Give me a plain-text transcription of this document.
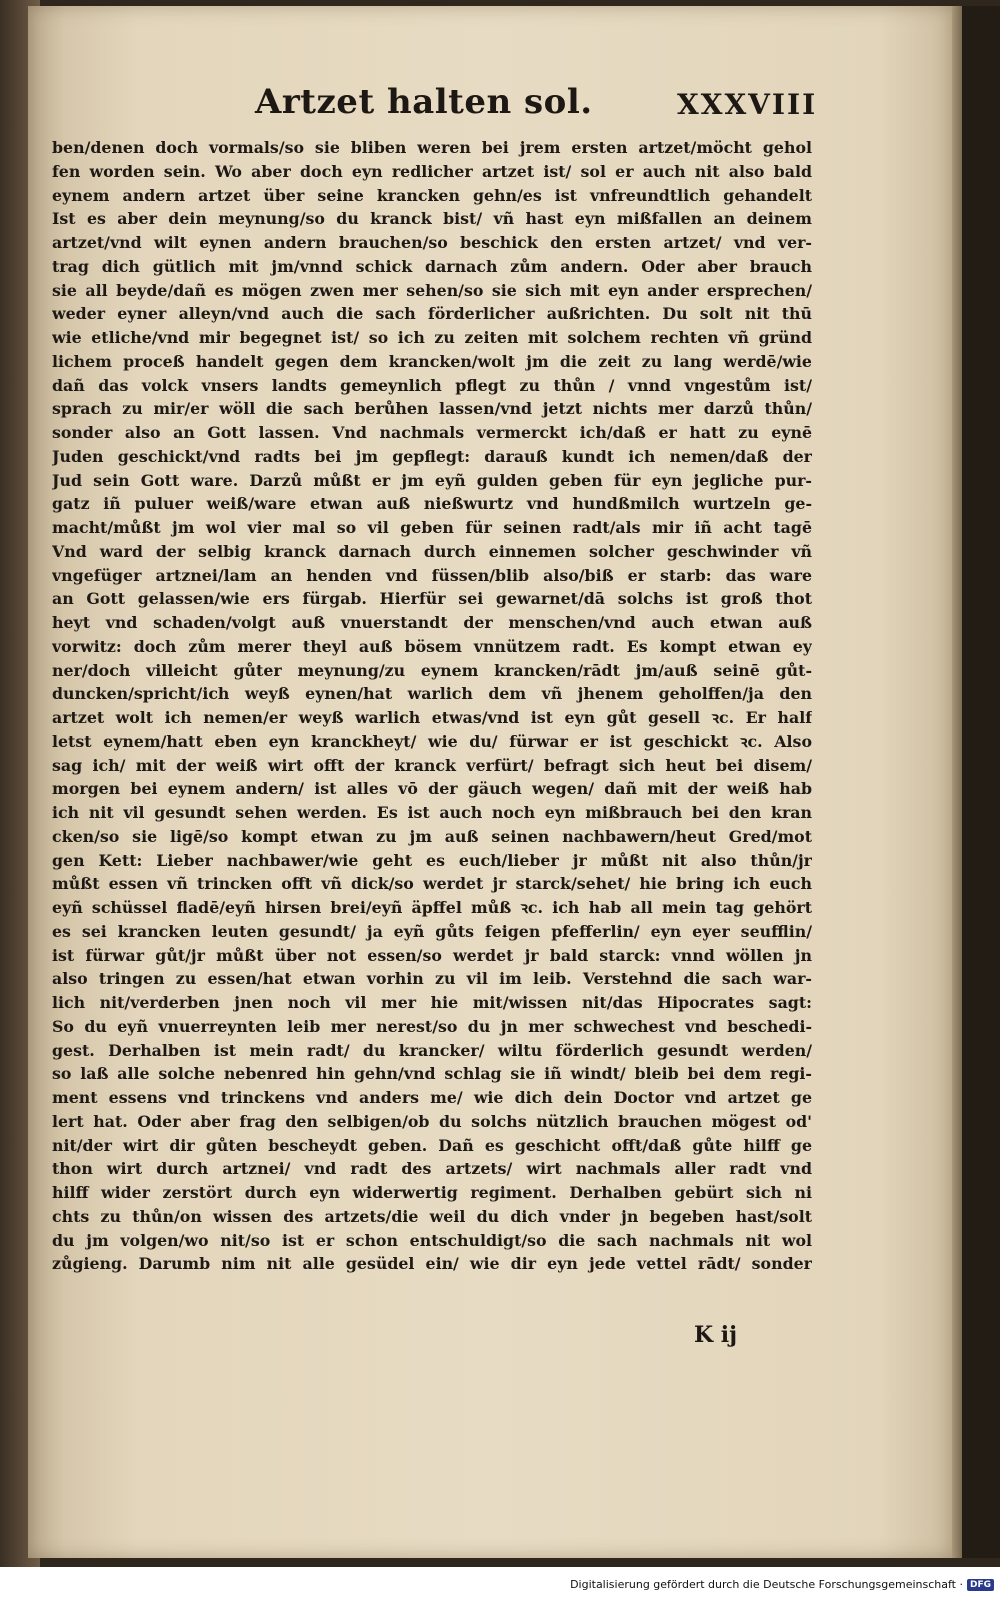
Artzet halten sol.	XXXVIII
ben/denen doch vormals/so sie bliben weren bei jrem ersten artzet/möcht gehol
fen worden sein. Wo aber doch eyn redlicher artzet ist/ sol er auch nit also bald
eynem andern artzet über seine krancken gehn/es ist vnfreundtlich gehandelt
Ist es aber dein meynung/so du kranck bist/ vñ hast eyn mißfallen an deinem
artzet/vnd wilt eynen andern brauchen/so beschick den ersten artzet/ vnd ver-
trag dich gütlich mit jm/vnnd schick darnach zům andern. Oder aber brauch
sie all beyde/dañ es mögen zwen mer sehen/so sie sich mit eyn ander ersprechen/
weder eyner alleyn/vnd auch die sach förderlicher außrichten. Du solt nit thū
wie etliche/vnd mir begegnet ist/ so ich zu zeiten mit solchem rechten vñ gründ
lichem proceß handelt gegen dem krancken/wolt jm die zeit zu lang werdē/wie
dañ das volck vnsers landts gemeynlich pflegt zu thůn / vnnd vngestům ist/
sprach zu mir/er wöll die sach berůhen lassen/vnd jetzt nichts mer darzů thůn/
sonder also an Gott lassen. Vnd nachmals vermerckt ich/daß er hatt zu eynē
Juden geschickt/vnd radts bei jm gepflegt: darauß kundt ich nemen/daß der
Jud sein Gott ware. Darzů můßt er jm eyñ gulden geben für eyn jegliche pur-
gatz iñ puluer weiß/ware etwan auß nießwurtz vnd hundßmilch wurtzeln ge-
macht/můßt jm wol vier mal so vil geben für seinen radt/als mir iñ acht tagē
Vnd ward der selbig kranck darnach durch einnemen solcher geschwinder vñ
vngefüger artznei/lam an henden vnd füssen/blib also/biß er starb: das ware
an Gott gelassen/wie ers fürgab. Hierfür sei gewarnet/dā solchs ist groß thot
heyt vnd schaden/volgt auß vnuerstandt der menschen/vnd auch etwan auß
vorwitz: doch zům merer theyl auß bösem vnnützem radt. Es kompt etwan ey
ner/doch villeicht gůter meynung/zu eynem krancken/rādt jm/auß seinē gůt-
duncken/spricht/ich weyß eynen/hat warlich dem vñ jhenem geholffen/ja den
artzet wolt ich nemen/er weyß warlich etwas/vnd ist eyn gůt gesell ꝛc. Er half
letst eynem/hatt eben eyn kranckheyt/ wie du/ fürwar er ist geschickt ꝛc. Also
sag ich/ mit der weiß wirt offt der kranck verfürt/ befragt sich heut bei disem/
morgen bei eynem andern/ ist alles vō der gäuch wegen/ dañ mit der weiß hab
ich nit vil gesundt sehen werden. Es ist auch noch eyn mißbrauch bei den kran
cken/so sie ligē/so kompt etwan zu jm auß seinen nachbawern/heut Gred/mot
gen Kett: Lieber nachbawer/wie geht es euch/lieber jr můßt nit also thůn/jr
můßt essen vñ trincken offt vñ dick/so werdet jr starck/sehet/ hie bring ich euch
eyñ schüssel fladē/eyñ hirsen brei/eyñ äpffel můß ꝛc. ich hab all mein tag gehört
es sei krancken leuten gesundt/ ja eyñ gůts feigen pfefferlin/ eyn eyer seufflin/
ist fürwar gůt/jr můßt über not essen/so werdet jr bald starck: vnnd wöllen jn
also tringen zu essen/hat etwan vorhin zu vil im leib. Verstehnd die sach war-
lich nit/verderben jnen noch vil mer hie mit/wissen nit/das Hipocrates sagt:
So du eyñ vnuerreynten leib mer nerest/so du jn mer schwechest vnd beschedi-
gest. Derhalben ist mein radt/ du krancker/ wiltu förderlich gesundt werden/
so laß alle solche nebenred hin gehn/vnd schlag sie iñ windt/ bleib bei dem regi-
ment essens vnd trinckens vnd anders me/ wie dich dein Doctor vnd artzet ge
lert hat. Oder aber frag den selbigen/ob du solchs nützlich brauchen mögest od'
nit/der wirt dir gůten bescheydt geben. Dañ es geschicht offt/daß gůte hilff ge
thon wirt durch artznei/ vnd radt des artzets/ wirt nachmals aller radt vnd
hilff wider zerstört durch eyn widerwertig regiment. Derhalben gebürt sich ni
chts zu thůn/on wissen des artzets/die weil du dich vnder jn begeben hast/solt
du jm volgen/wo nit/so ist er schon entschuldigt/so die sach nachmals nit wol
zůgieng. Darumb nim nit alle gesüdel ein/ wie dir eyn jede vettel rādt/ sonder
K ij
Digitalisierung gefördert durch die Deutsche Forschungsgemeinschaft · DFG
